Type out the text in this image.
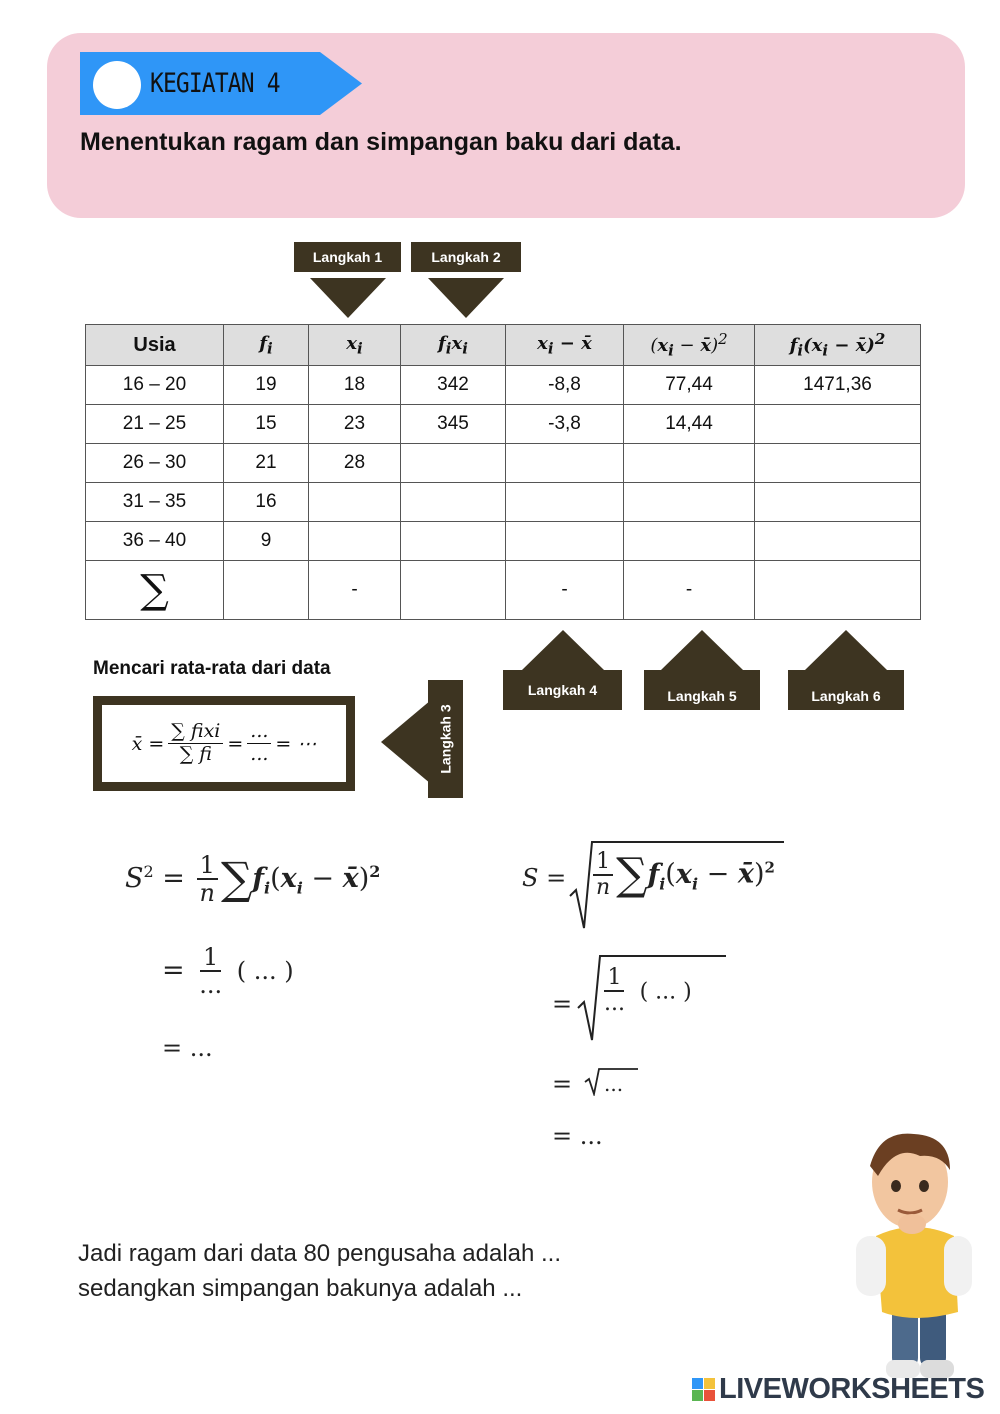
KEGIATAN 4
Menentukan ragam dan simpangan baku dari data.
Langkah 1	Langkah 2
Usia	$f_i$	$x_i$	$f_ix_i$	$x_i$ − x̄	($x_i$ − x̄)$^2$	$f_i(x_i$ − x̄)$^2$
16 – 20	19	18	342	-8,8	77,44	1471,36
21 – 25	15	23	345	-3,8	14,44	
26 – 30	21	28				
31 – 35	16					
36 – 40	9					
∑		-		-	-	
Langkah 4	Langkah 5	Langkah 6
Mencari rata-rata dari data
x̄ = $\frac{\text{∑ fixi}}{\sum fi} = \frac{...}{...}$ = ⋯	Langkah 3
$S^2 = \frac{1}{n} \sum f_i(x_i$ − x̄)$^2$
= $\frac{1}{...}$ ( ... )
= ...
$S = \frac{1}{n} \sum f_i(x_i$ − x̄)$^2$
= $\frac{1}{...}$ ( ... )
= ...
= ...
Jadi ragam dari data 80 pengusaha adalah ...
sedangkan simpangan bakunya adalah ...
LIVEWORKSHEETS
